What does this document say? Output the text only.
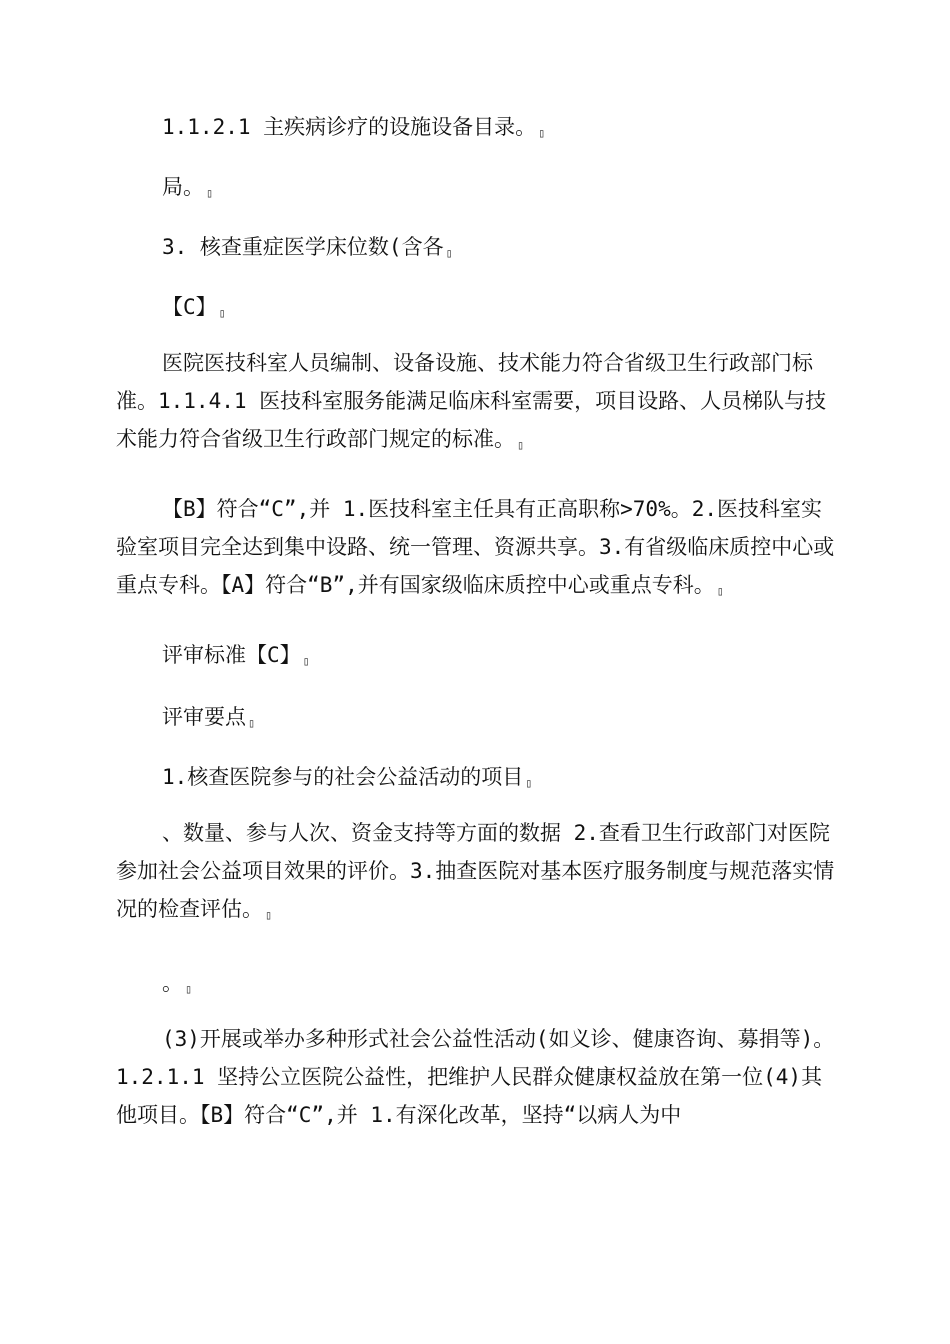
1.1.2.1 主疾病诊疗的设施设备目录。 ▯

局。 ▯

3. 核查重症医学床位数(含各 ▯

【C】 ▯

医院医技科室人员编制、设备设施、技术能力符合省级卫生行政部门标准。1.1.4.1 医技科室服务能满足临床科室需要，项目设路、人员梯队与技术能力符合省级卫生行政部门规定的标准。 ▯

【B】符合“C”,并 1.医技科室主任具有正高职称>70%。2.医技科室实验室项目完全达到集中设路、统一管理、资源共享。3.有省级临床质控中心或重点专科。【A】符合“B”,并有国家级临床质控中心或重点专科。 ▯

评审标准【C】 ▯

评审要点 ▯

1.核查医院参与的社会公益活动的项目 ▯

、数量、参与人次、资金支持等方面的数据 2.查看卫生行政部门对医院参加社会公益项目效果的评价。3.抽查医院对基本医疗服务制度与规范落实情况的检查评估。 ▯

。 ▯

(3)开展或举办多种形式社会公益性活动(如义诊、健康咨询、募捐等)。1.2.1.1 坚持公立医院公益性，把维护人民群众健康权益放在第一位(4)其他项目。【B】符合“C”,并 1.有深化改革，坚持“以病人为中
